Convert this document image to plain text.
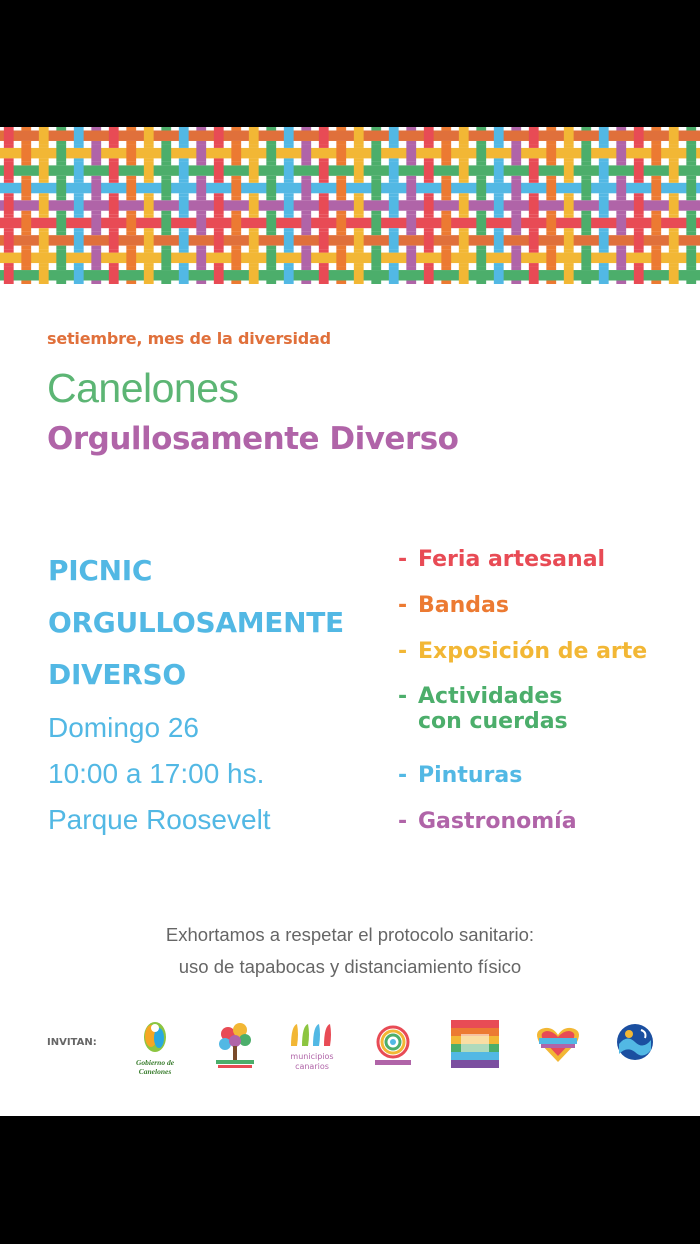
setiembre, mes de la diversidad
Canelones
Orgullosamente Diverso
PICNIC
ORGULLOSAMENTE
DIVERSO
Domingo 26
10:00 a 17:00 hs.
Parque Roosevelt
- Feria artesanal
- Bandas
- Exposición de arte
- Actividades
con cuerdas
- Pinturas
- Gastronomía
Exhortamos a respetar el protocolo sanitario:
uso de tapabocas y distanciamiento físico
INVITAN:
Gobierno de
Canelones
municipios
canarios
